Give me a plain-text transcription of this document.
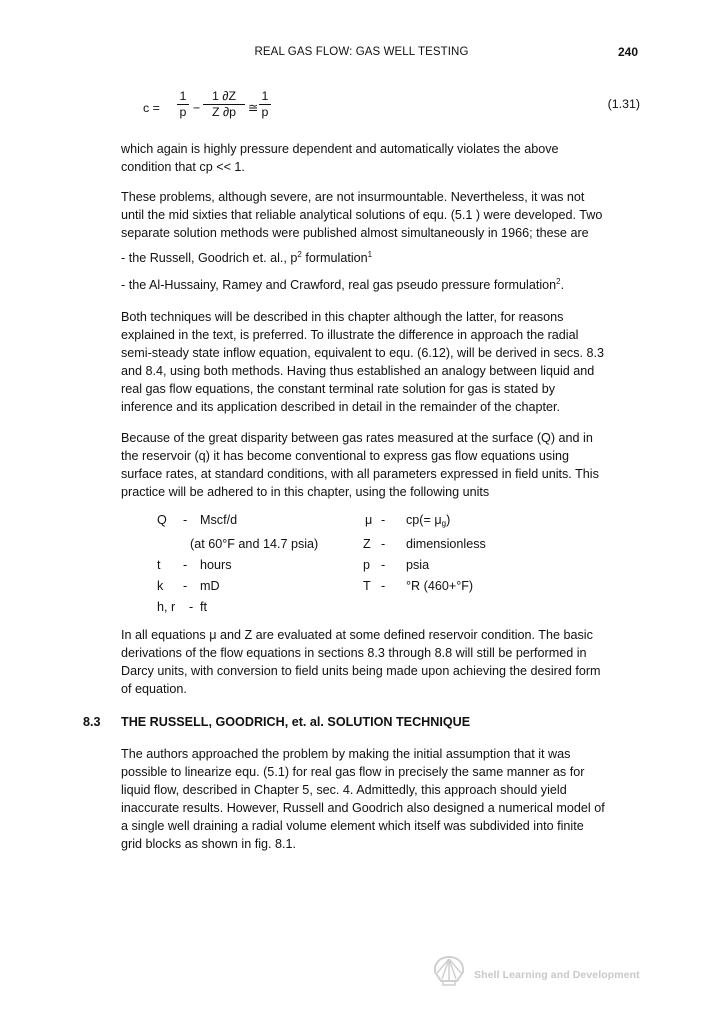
REAL GAS FLOW: GAS WELL TESTING	240
c =
1
p −
1 ∂Z
Z ∂p ≅
1
p
(1.31)
which again is highly pressure dependent and automatically violates the above
condition that cp << 1.
These problems, although severe, are not insurmountable. Nevertheless, it was not
until the mid sixties that reliable analytical solutions of equ. (5.1 ) were developed. Two
separate solution methods were published almost simultaneously in 1966; these are
- the Russell, Goodrich et. al., $p^2$ formulation$^1$
- the Al-Hussainy, Ramey and Crawford, real gas pseudo pressure formulation$^2$.
Both techniques will be described in this chapter although the latter, for reasons
explained in the text, is preferred. To illustrate the difference in approach the radial
semi-steady state inflow equation, equivalent to equ. (6.12), will be derived in secs. 8.3
and 8.4, using both methods. Having thus established an analogy between liquid and
real gas flow equations, the constant terminal rate solution for gas is stated by
inference and its application described in detail in the remainder of the chapter.
Because of the great disparity between gas rates measured at the surface (Q) and in
the reservoir (q) it has become conventional to express gas flow equations using
surface rates, at standard conditions, with all parameters expressed in field units. This
practice will be adhered to in this chapter, using the following units
Q - Mscf/d	$\mu - cp(= \mu_g)$
(at 60°F and 14.7 psia)	Z - dimensionless
t - hours	p - psia
k - mD	T - °R (460+°F)
h, r - ft
In all equations μ and Z are evaluated at some defined reservoir condition. The basic
derivations of the flow equations in sections 8.3 through 8.8 will still be performed in
Darcy units, with conversion to field units being made upon achieving the desired form
of equation.
8.3 THE RUSSELL, GOODRICH, et. al. SOLUTION TECHNIQUE
The authors approached the problem by making the initial assumption that it was
possible to linearize equ. (5.1) for real gas flow in precisely the same manner as for
liquid flow, described in Chapter 5, sec. 4. Admittedly, this approach should yield
inaccurate results. However, Russell and Goodrich also designed a numerical model of
a single well draining a radial volume element which itself was subdivided into finite
grid blocks as shown in fig. 8.1.
Shell Learning and Development
